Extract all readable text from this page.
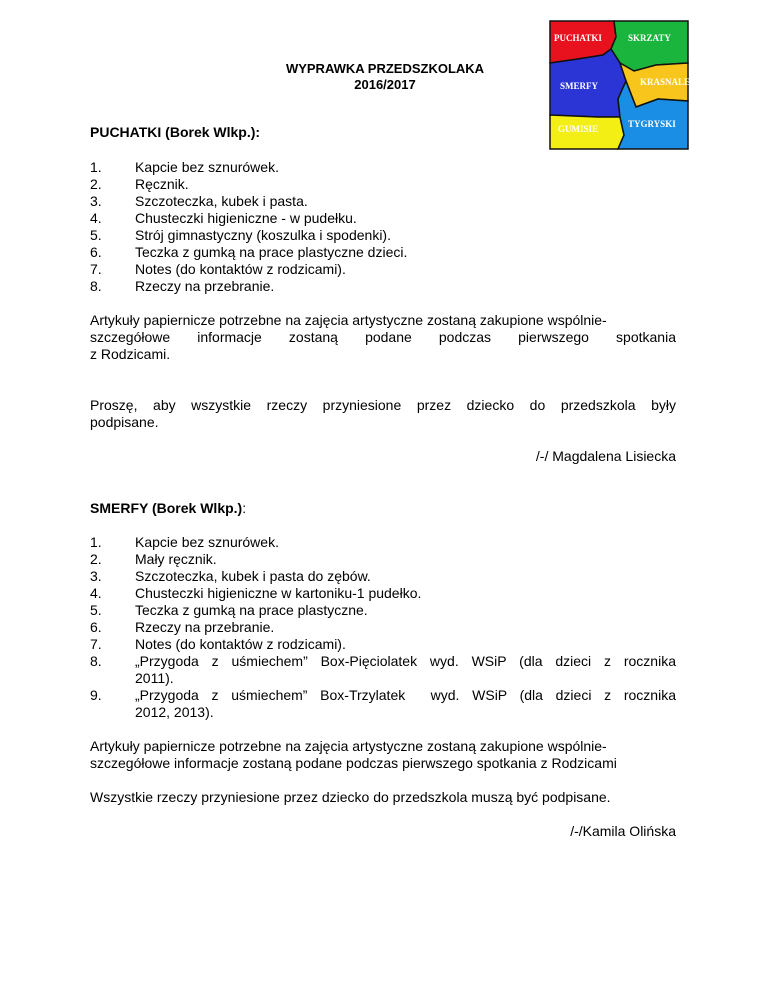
PUCHATKI	SKRZATY
SMERFY	KRASNALE
GUMISIE	TYGRYSKI
WYPRAWKA PRZEDSZKOLAKA
2016/2017
PUCHATKI (Borek Wlkp.):
1.	Kapcie bez sznurówek.
2.	Ręcznik.
3.	Szczoteczka, kubek i pasta.
4.	Chusteczki higieniczne - w pudełku.
5.	Strój gimnastyczny (koszulka i spodenki).
6.	Teczka z gumką na prace plastyczne dzieci.
7.	Notes (do kontaktów z rodzicami).
8.	Rzeczy na przebranie.
Artykuły papiernicze potrzebne na zajęcia artystyczne zostaną zakupione wspólnie-
szczegółowe informacje zostaną podane podczas pierwszego spotkania
z Rodzicami.
Proszę, aby wszystkie rzeczy przyniesione przez dziecko do przedszkola były
podpisane.
/-/ Magdalena Lisiecka
SMERFY (Borek Wlkp.):
1.	Kapcie bez sznurówek.
2.	Mały ręcznik.
3.	Szczoteczka, kubek i pasta do zębów.
4.	Chusteczki higieniczne w kartoniku-1 pudełko.
5.	Teczka z gumką na prace plastyczne.
6.	Rzeczy na przebranie.
7.	Notes (do kontaktów z rodzicami).
8.	„Przygoda z uśmiechem” Box-Pięciolatek wyd. WSiP (dla dzieci z rocznika
2011).
9.	„Przygoda z uśmiechem” Box-Trzylatek  wyd. WSiP (dla dzieci z rocznika
2012, 2013).
Artykuły papiernicze potrzebne na zajęcia artystyczne zostaną zakupione wspólnie-
szczegółowe informacje zostaną podane podczas pierwszego spotkania z Rodzicami
Wszystkie rzeczy przyniesione przez dziecko do przedszkola muszą być podpisane.
/-/Kamila Olińska
